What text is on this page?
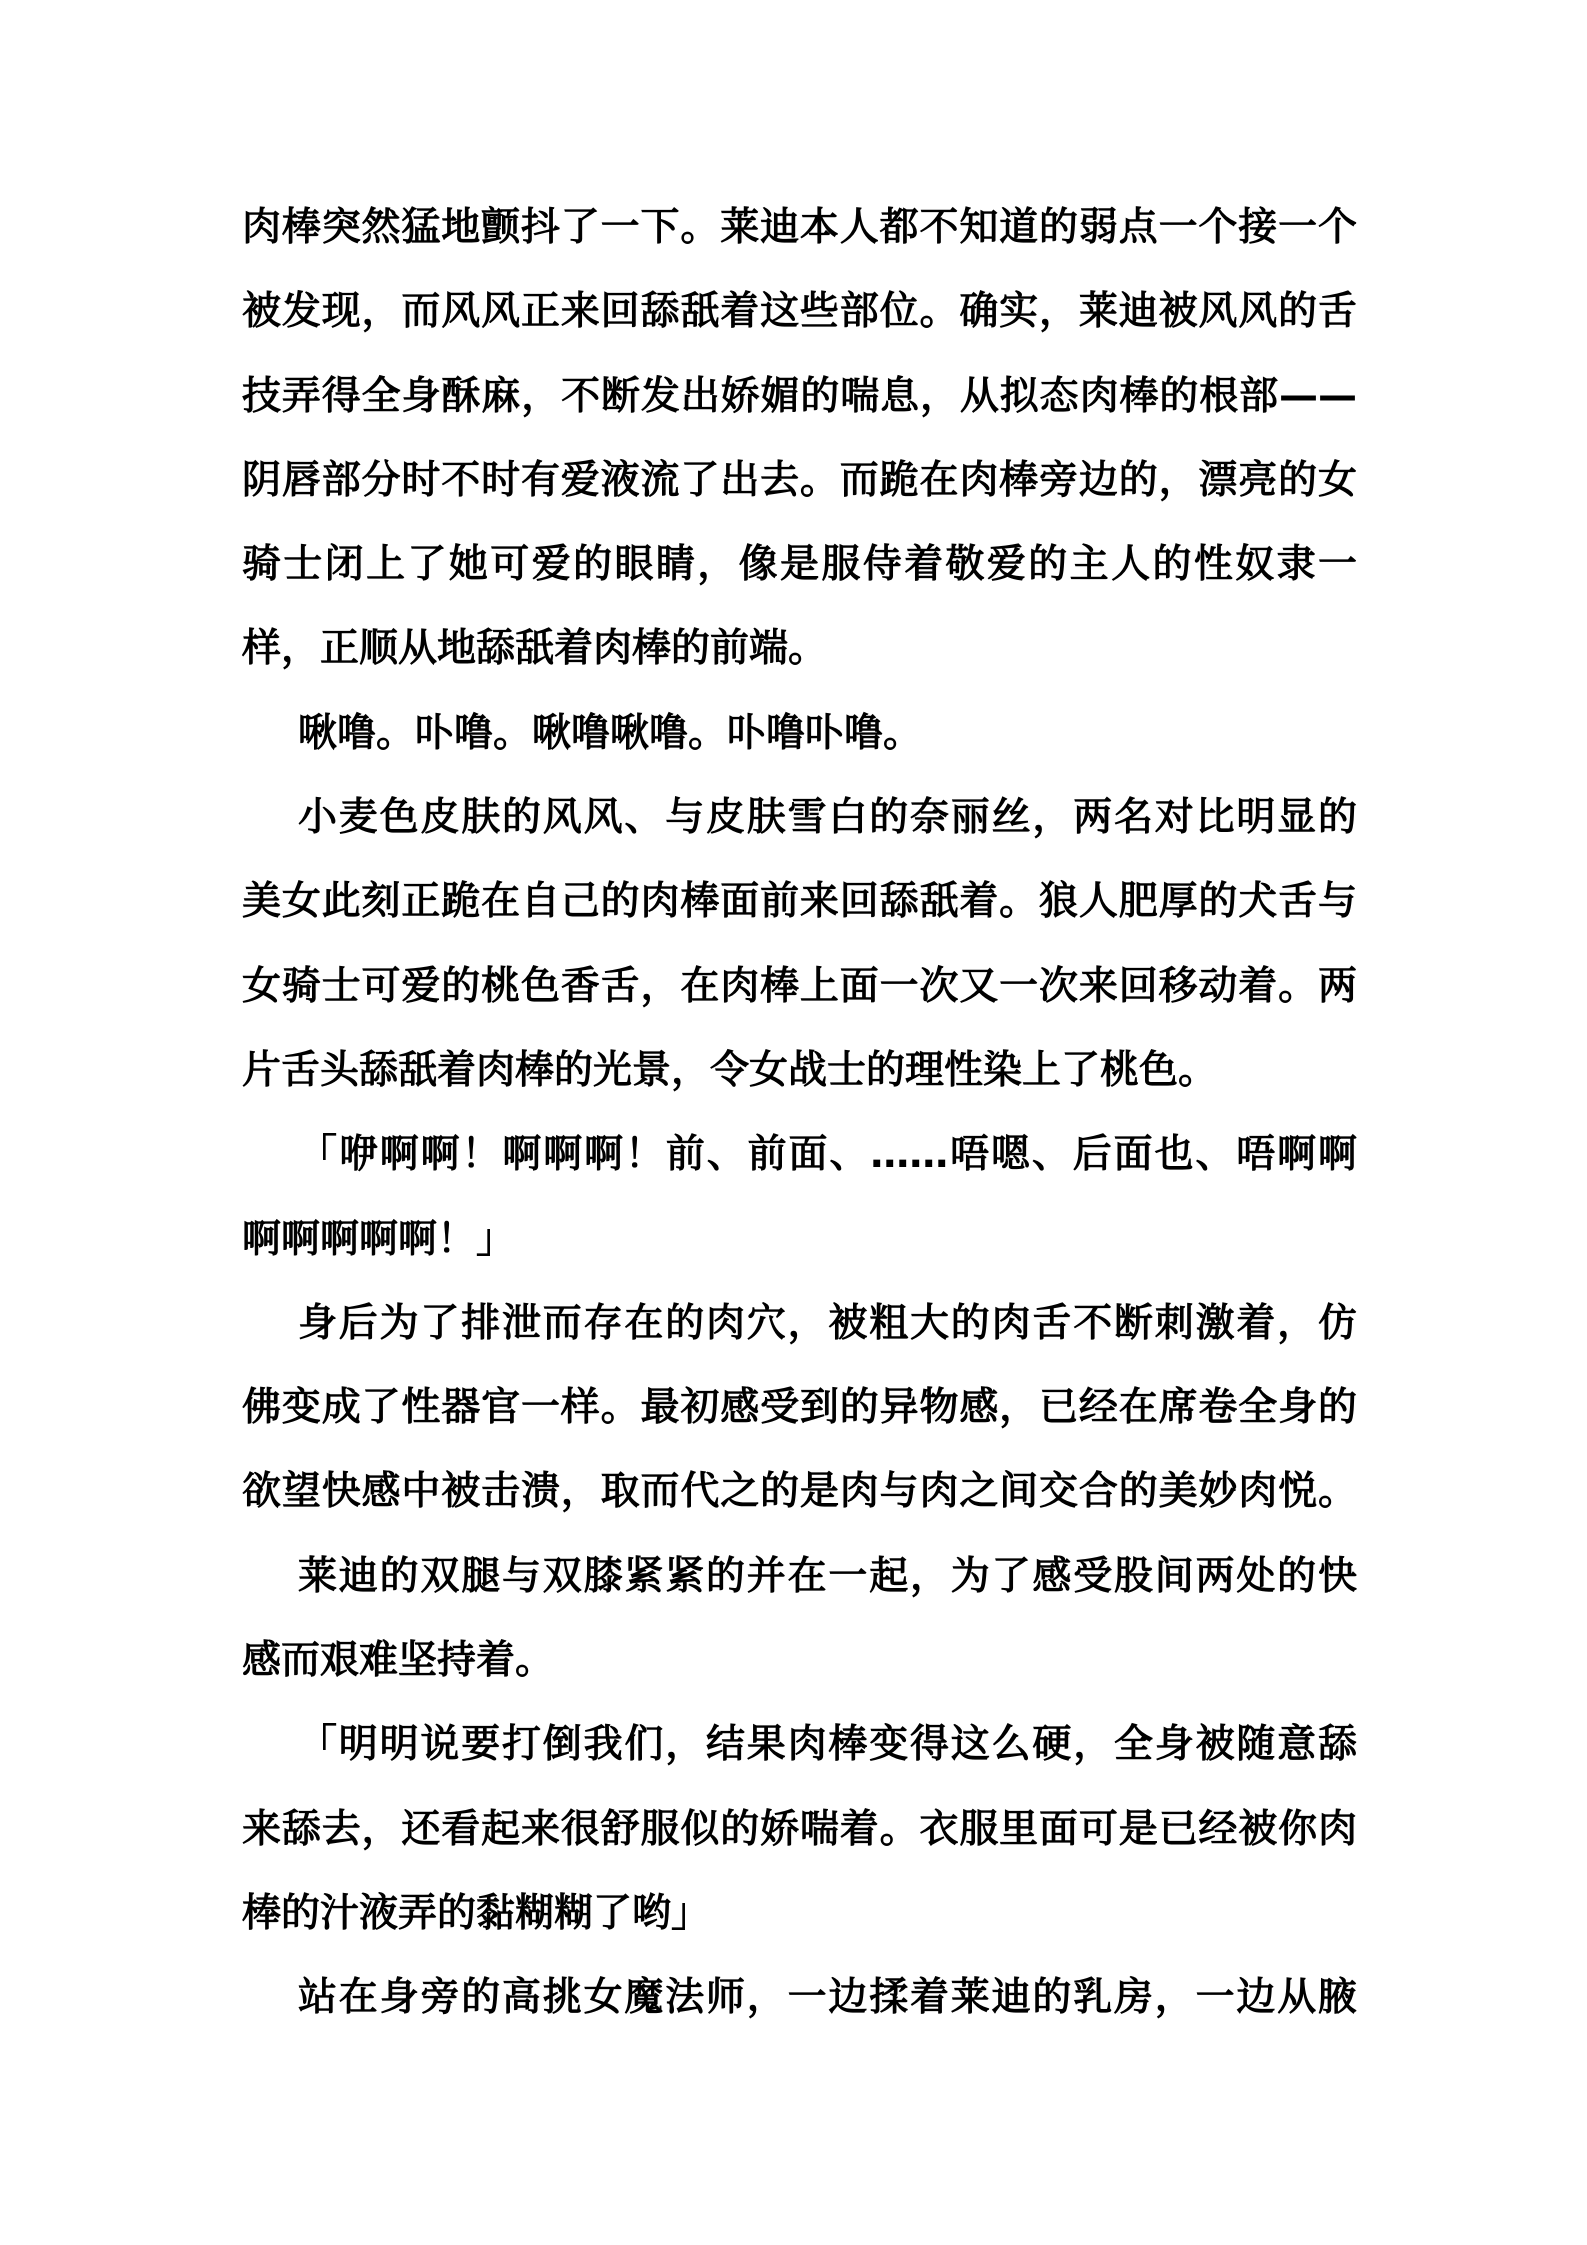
肉棒突然猛地颤抖了一下。莱迪本人都不知道的弱点一个接一个
被发现，而风风正来回舔舐着这些部位。确实，莱迪被风风的舌
技弄得全身酥麻，不断发出娇媚的喘息，从拟态肉棒的根部——
阴唇部分时不时有爱液流了出去。而跪在肉棒旁边的，漂亮的女
骑士闭上了她可爱的眼睛，像是服侍着敬爱的主人的性奴隶一
样，正顺从地舔舐着肉棒的前端。
啾噜。卟噜。啾噜啾噜。卟噜卟噜。
小麦色皮肤的风风、与皮肤雪白的奈丽丝，两名对比明显的
美女此刻正跪在自己的肉棒面前来回舔舐着。狼人肥厚的犬舌与
女骑士可爱的桃色香舌，在肉棒上面一次又一次来回移动着。两
片舌头舔舐着肉棒的光景，令女战士的理性染上了桃色。
「咿啊啊！啊啊啊！前、前面、……唔嗯、后面也、唔啊啊
啊啊啊啊啊！」
身后为了排泄而存在的肉穴，被粗大的肉舌不断刺激着，仿
佛变成了性器官一样。最初感受到的异物感，已经在席卷全身的
欲望快感中被击溃，取而代之的是肉与肉之间交合的美妙肉悦。
莱迪的双腿与双膝紧紧的并在一起，为了感受股间两处的快
感而艰难坚持着。
「明明说要打倒我们，结果肉棒变得这么硬，全身被随意舔
来舔去，还看起来很舒服似的娇喘着。衣服里面可是已经被你肉
棒的汁液弄的黏糊糊了哟」
站在身旁的高挑女魔法师，一边揉着莱迪的乳房，一边从腋
